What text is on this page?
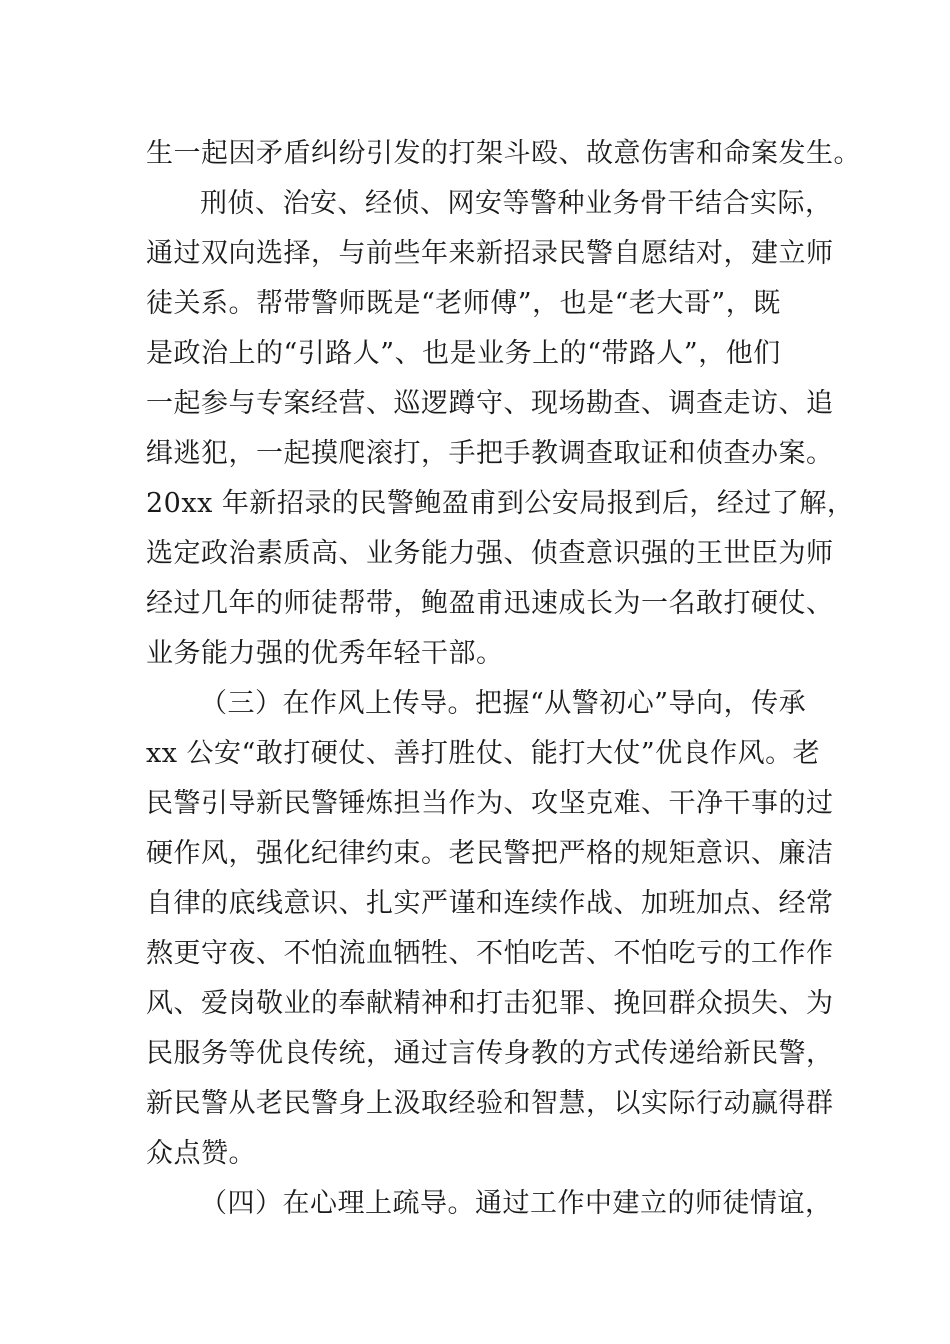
生一起因矛盾纠纷引发的打架斗殴、故意伤害和命案发生。
刑侦、治安、经侦、网安等警种业务骨干结合实际，
通过双向选择，与前些年来新招录民警自愿结对，建立师
徒关系。帮带警师既是“老师傅”，也是“老大哥”，既
是政治上的“引路人”、也是业务上的“带路人”，他们
一起参与专案经营、巡逻蹲守、现场勘查、调查走访、追
缉逃犯，一起摸爬滚打，手把手教调查取证和侦查办案。
20xx 年新招录的民警鲍盈甫到公安局报到后，经过了解，
选定政治素质高、业务能力强、侦查意识强的王世臣为师
经过几年的师徒帮带，鲍盈甫迅速成长为一名敢打硬仗、
业务能力强的优秀年轻干部。
（三）在作风上传导。把握“从警初心”导向，传承
xx 公安“敢打硬仗、善打胜仗、能打大仗”优良作风。老
民警引导新民警锤炼担当作为、攻坚克难、干净干事的过
硬作风，强化纪律约束。老民警把严格的规矩意识、廉洁
自律的底线意识、扎实严谨和连续作战、加班加点、经常
熬更守夜、不怕流血牺牲、不怕吃苦、不怕吃亏的工作作
风、爱岗敬业的奉献精神和打击犯罪、挽回群众损失、为
民服务等优良传统，通过言传身教的方式传递给新民警，
新民警从老民警身上汲取经验和智慧，以实际行动赢得群
众点赞。
（四）在心理上疏导。通过工作中建立的师徒情谊，
